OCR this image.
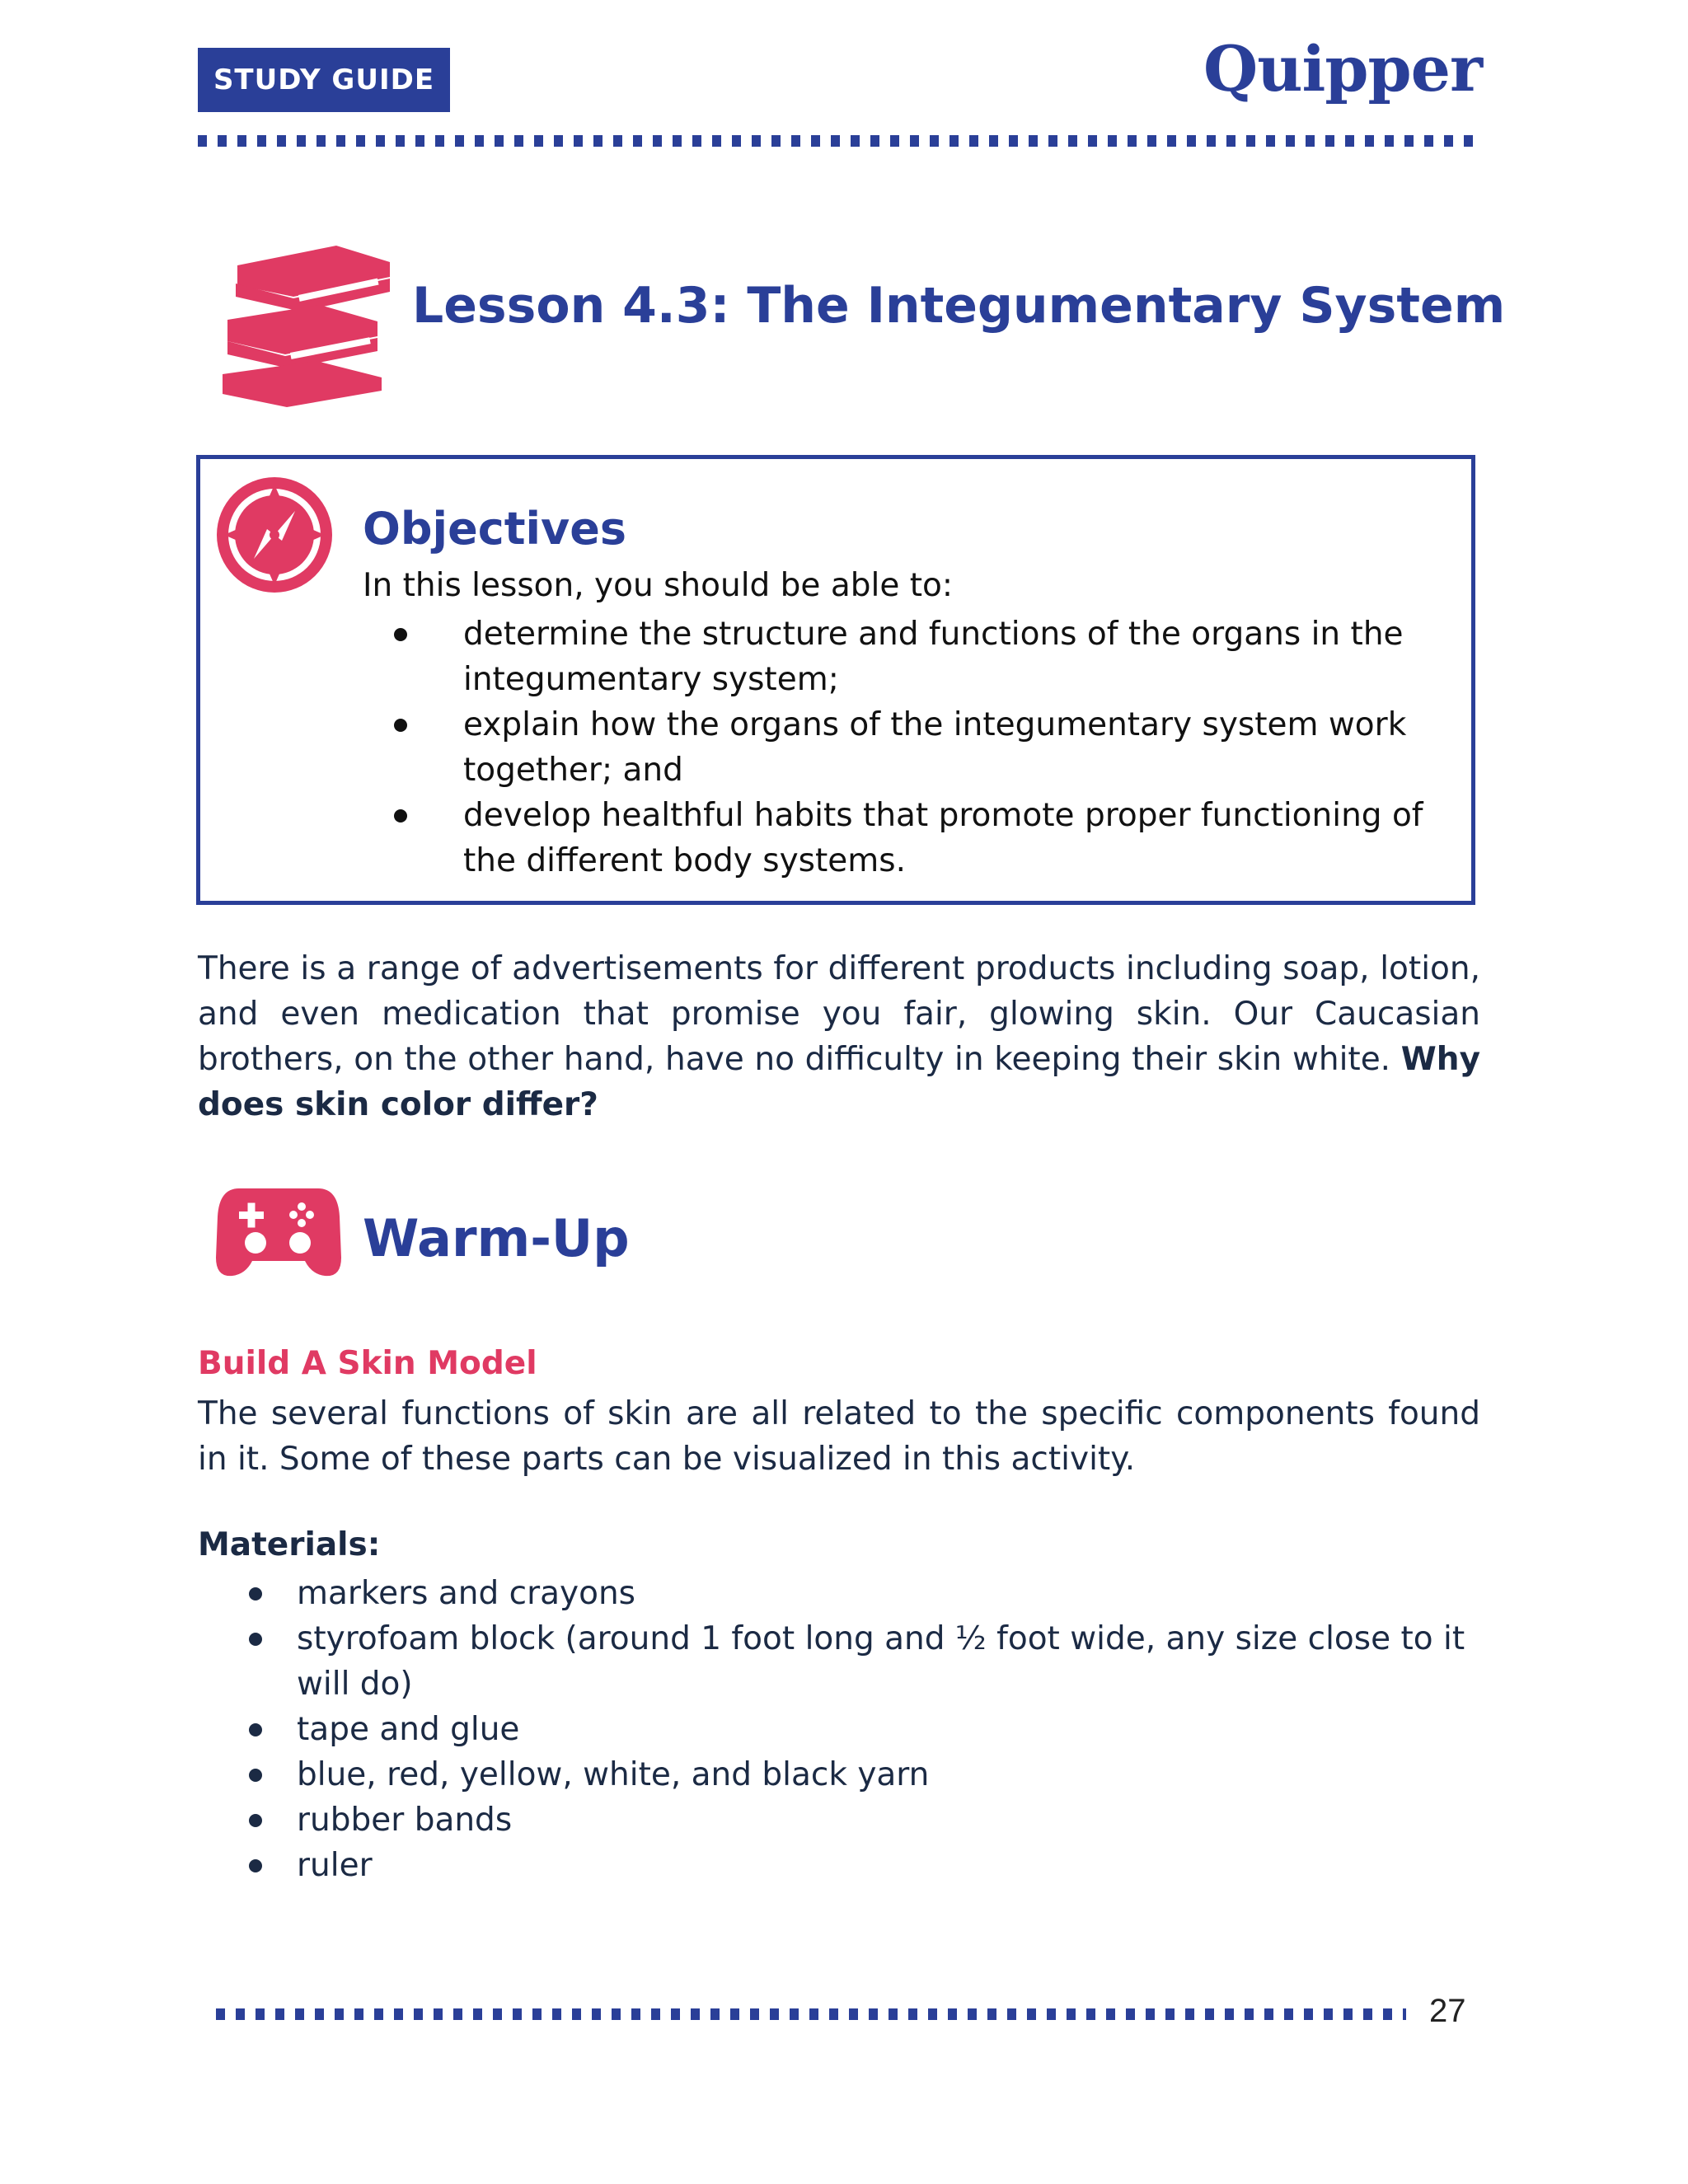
STUDY GUIDE	Quipper
Lesson 4.3: The Integumentary System
Objectives
In this lesson, you should be able to:
determine the structure and functions of the organs in the integumentary system;
explain how the organs of the integumentary system work together; and
develop healthful habits that promote proper functioning of the different body systems.
There is a range of advertisements for different products including soap, lotion, and even medication that promise you fair, glowing skin. Our Caucasian brothers, on the other hand, have no difficulty in keeping their skin white. Why does skin color differ?
Warm-Up
Build A Skin Model
The several functions of skin are all related to the specific components found in it. Some of these parts can be visualized in this activity.
Materials:
markers and crayons
styrofoam block (around 1 foot long and ½ foot wide, any size close to it will do)
tape and glue
blue, red, yellow, white, and black yarn
rubber bands
ruler
27
